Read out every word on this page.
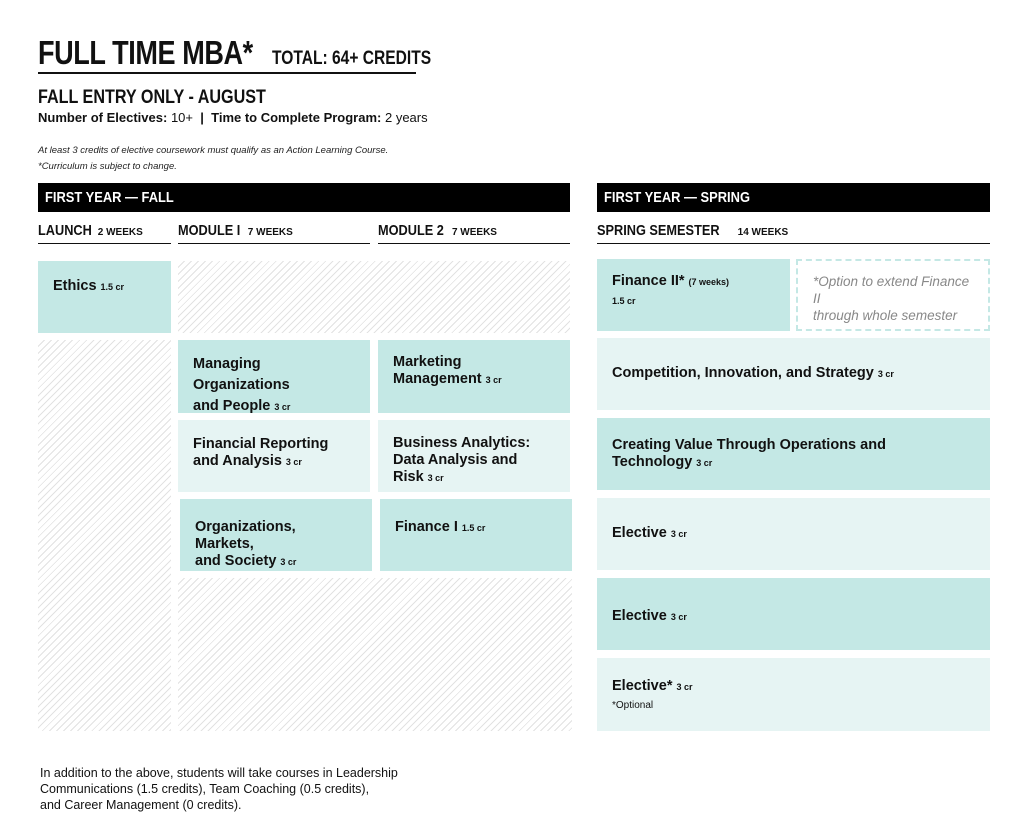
FULL TIME MBA* TOTAL: 64+ CREDITS
FALL ENTRY ONLY - AUGUST
Number of Electives: 10+ | Time to Complete Program: 2 years
At least 3 credits of elective coursework must qualify as an Action Learning Course.
*Curriculum is subject to change.
FIRST YEAR — FALL
LAUNCH 2 WEEKS	MODULE I 7 WEEKS	MODULE 2 7 WEEKS
Ethics 1.5 cr
Managing Organizations
and People 3 cr
Marketing
Management 3 cr
Financial Reporting
and Analysis 3 cr
Business Analytics:
Data Analysis and
Risk 3 cr
Organizations, Markets,
and Society 3 cr
Finance I 1.5 cr
FIRST YEAR — SPRING
SPRING SEMESTER 14 WEEKS
Finance II* (7 weeks)
1.5 cr
*Option to extend Finance II
through whole semester
Competition, Innovation, and Strategy 3 cr
Creating Value Through Operations and Technology 3 cr
Elective 3 cr
Elective 3 cr
Elective* 3 cr
*Optional
In addition to the above, students will take courses in Leadership
Communications (1.5 credits), Team Coaching (0.5 credits),
and Career Management (0 credits).
